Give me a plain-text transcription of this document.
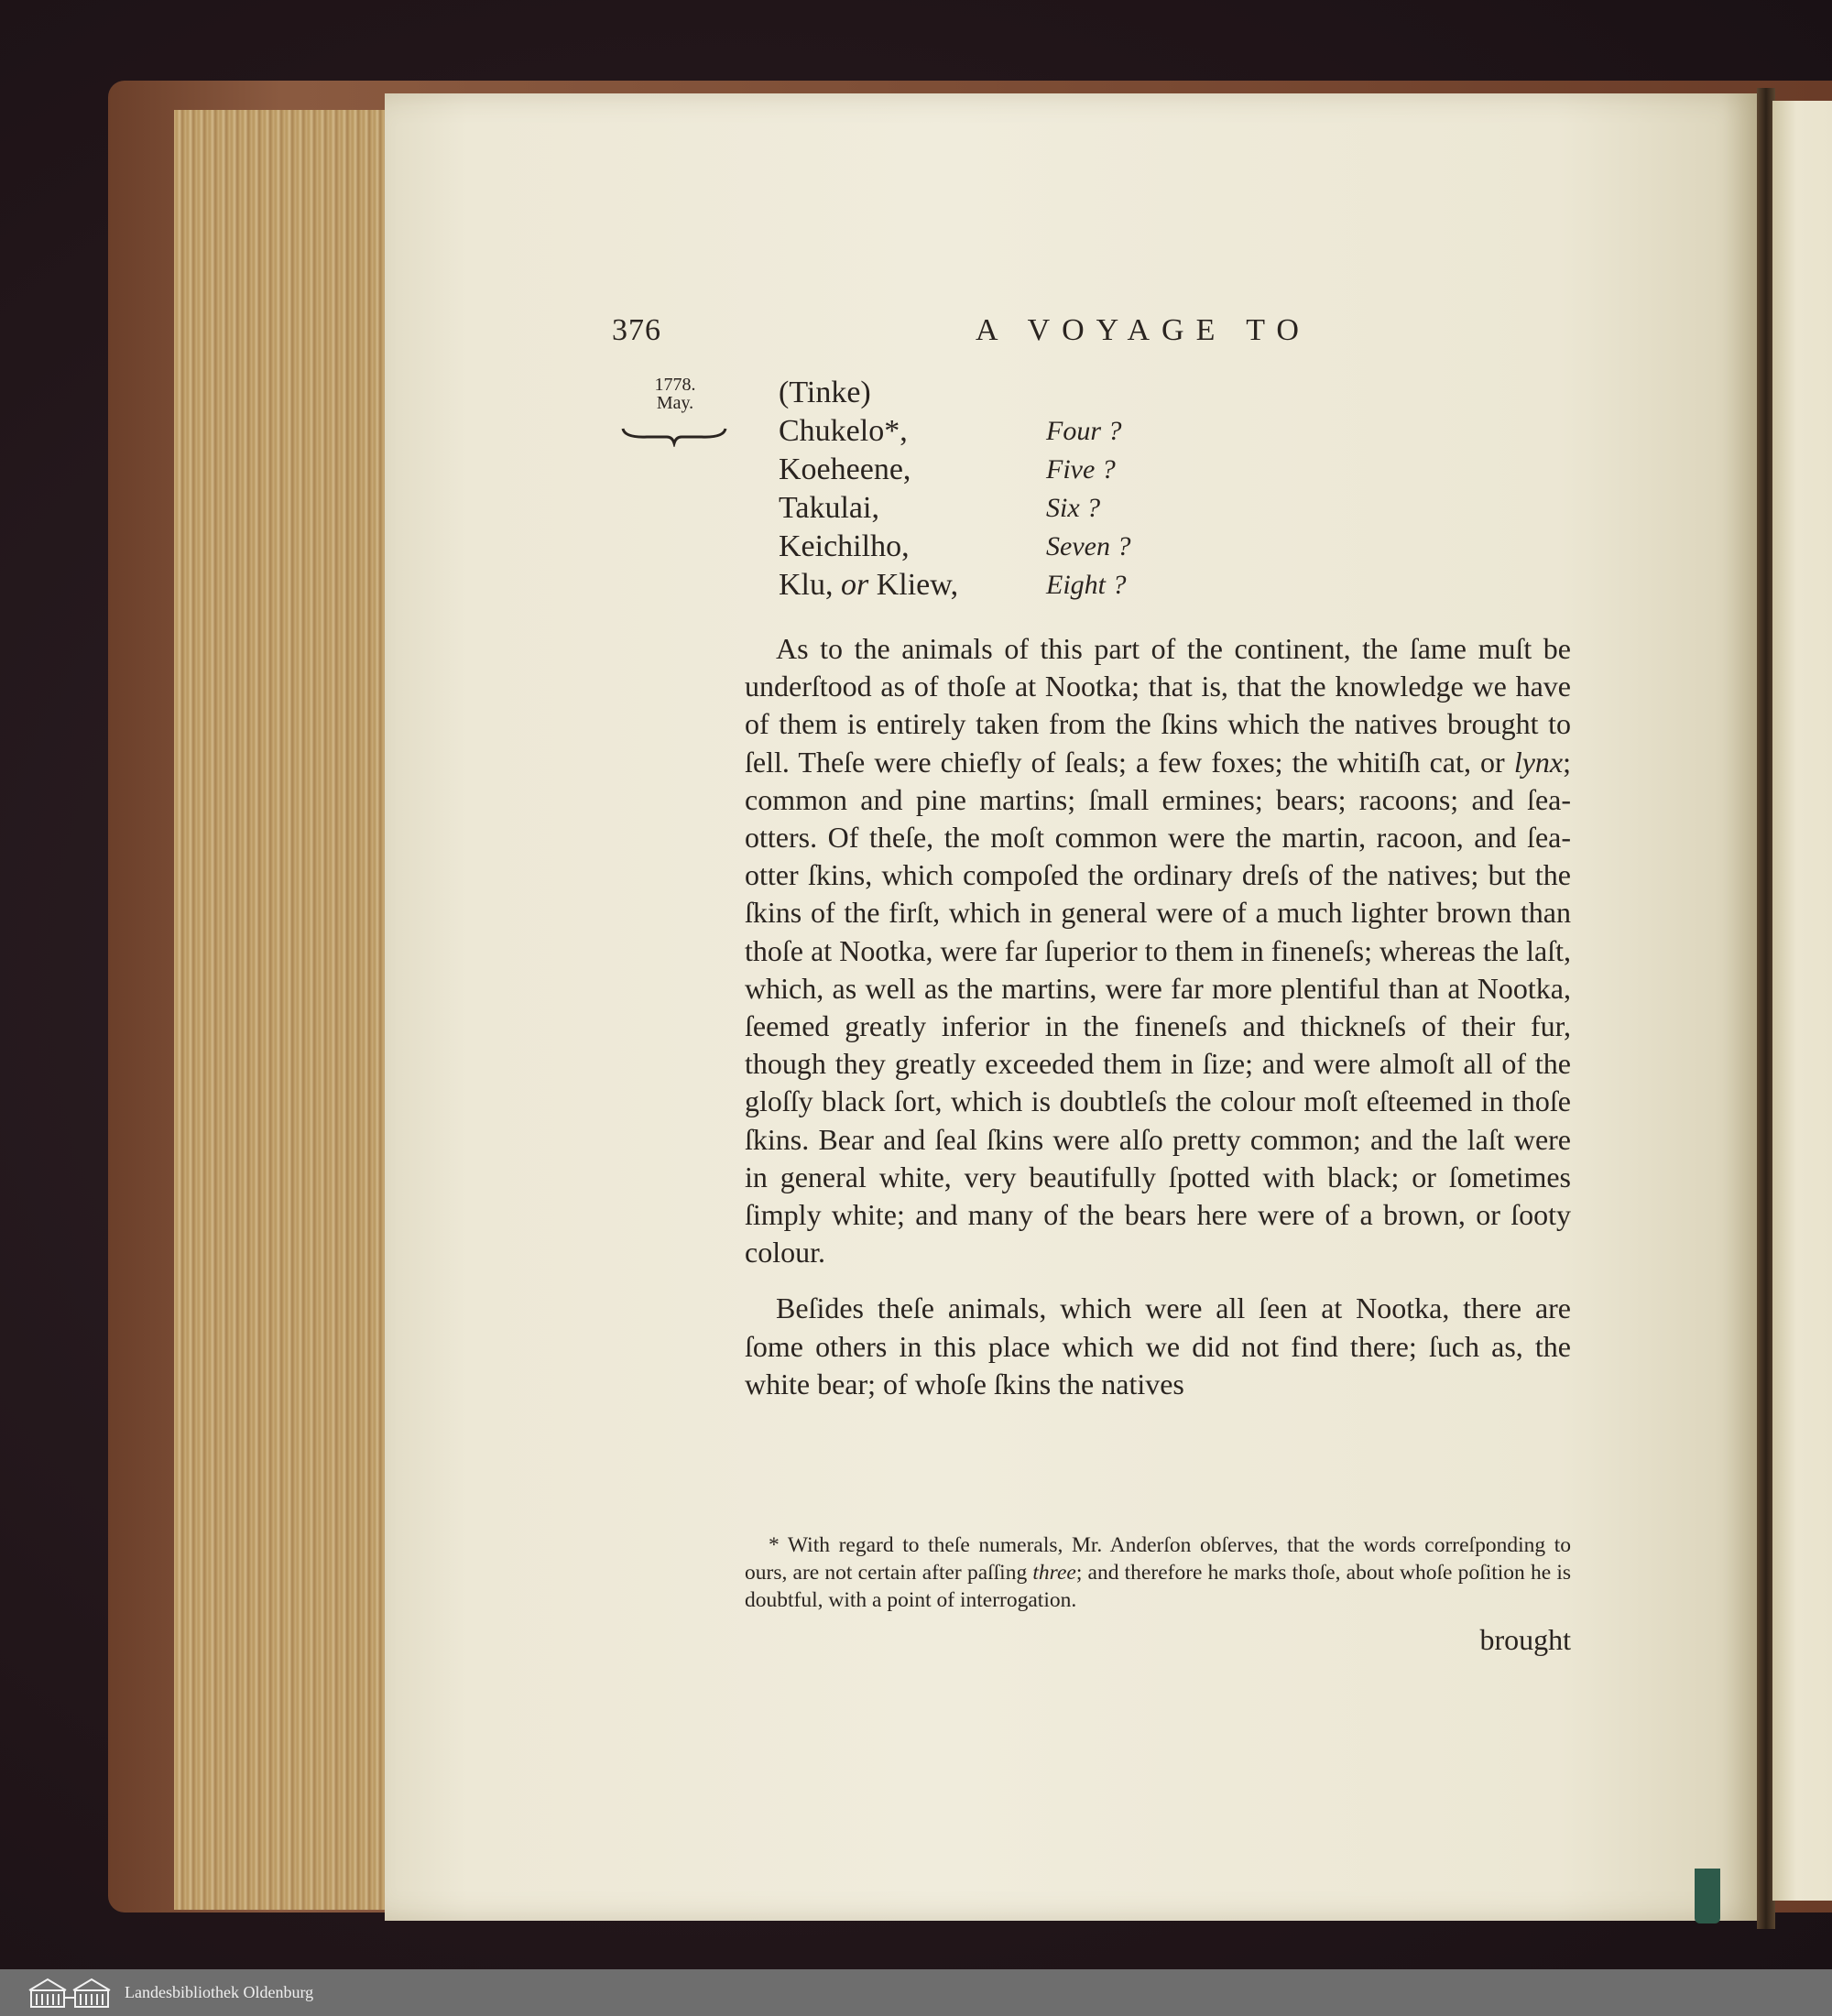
376	A VOYAGE TO
1778.
May.	(Tinke)
Chukelo*,	Four ?
Koeheene,	Five ?
Takulai,	Six ?
Keichilho,	Seven ?
Klu, or Kliew,	Eight ?

As to the animals of this part of the continent, the ſame muſt be underſtood as of thoſe at Nootka; that is, that the knowledge we have of them is entirely taken from the ſkins which the natives brought to ſell. Theſe were chiefly of ſeals; a few foxes; the whitiſh cat, or lynx; common and pine martins; ſmall ermines; bears; racoons; and ſea-otters. Of theſe, the moſt common were the martin, racoon, and ſea-otter ſkins, which compoſed the ordinary dreſs of the natives; but the ſkins of the firſt, which in general were of a much lighter brown than thoſe at Nootka, were far ſuperior to them in fineneſs; whereas the laſt, which, as well as the martins, were far more plentiful than at Nootka, ſeemed greatly inferior in the fineneſs and thickneſs of their fur, though they greatly exceeded them in ſize; and were almoſt all of the gloſſy black ſort, which is doubtleſs the colour moſt eſteemed in thoſe ſkins. Bear and ſeal ſkins were alſo pretty common; and the laſt were in general white, very beautifully ſpotted with black; or ſometimes ſimply white; and many of the bears here were of a brown, or ſooty colour.

Beſides theſe animals, which were all ſeen at Nootka, there are ſome others in this place which we did not find there; ſuch as, the white bear; of whoſe ſkins the natives

* With regard to theſe numerals, Mr. Anderſon obſerves, that the words correſponding to ours, are not certain after paſſing three; and therefore he marks thoſe, about whoſe poſition he is doubtful, with a point of interrogation.
brought
Landesbibliothek Oldenburg
